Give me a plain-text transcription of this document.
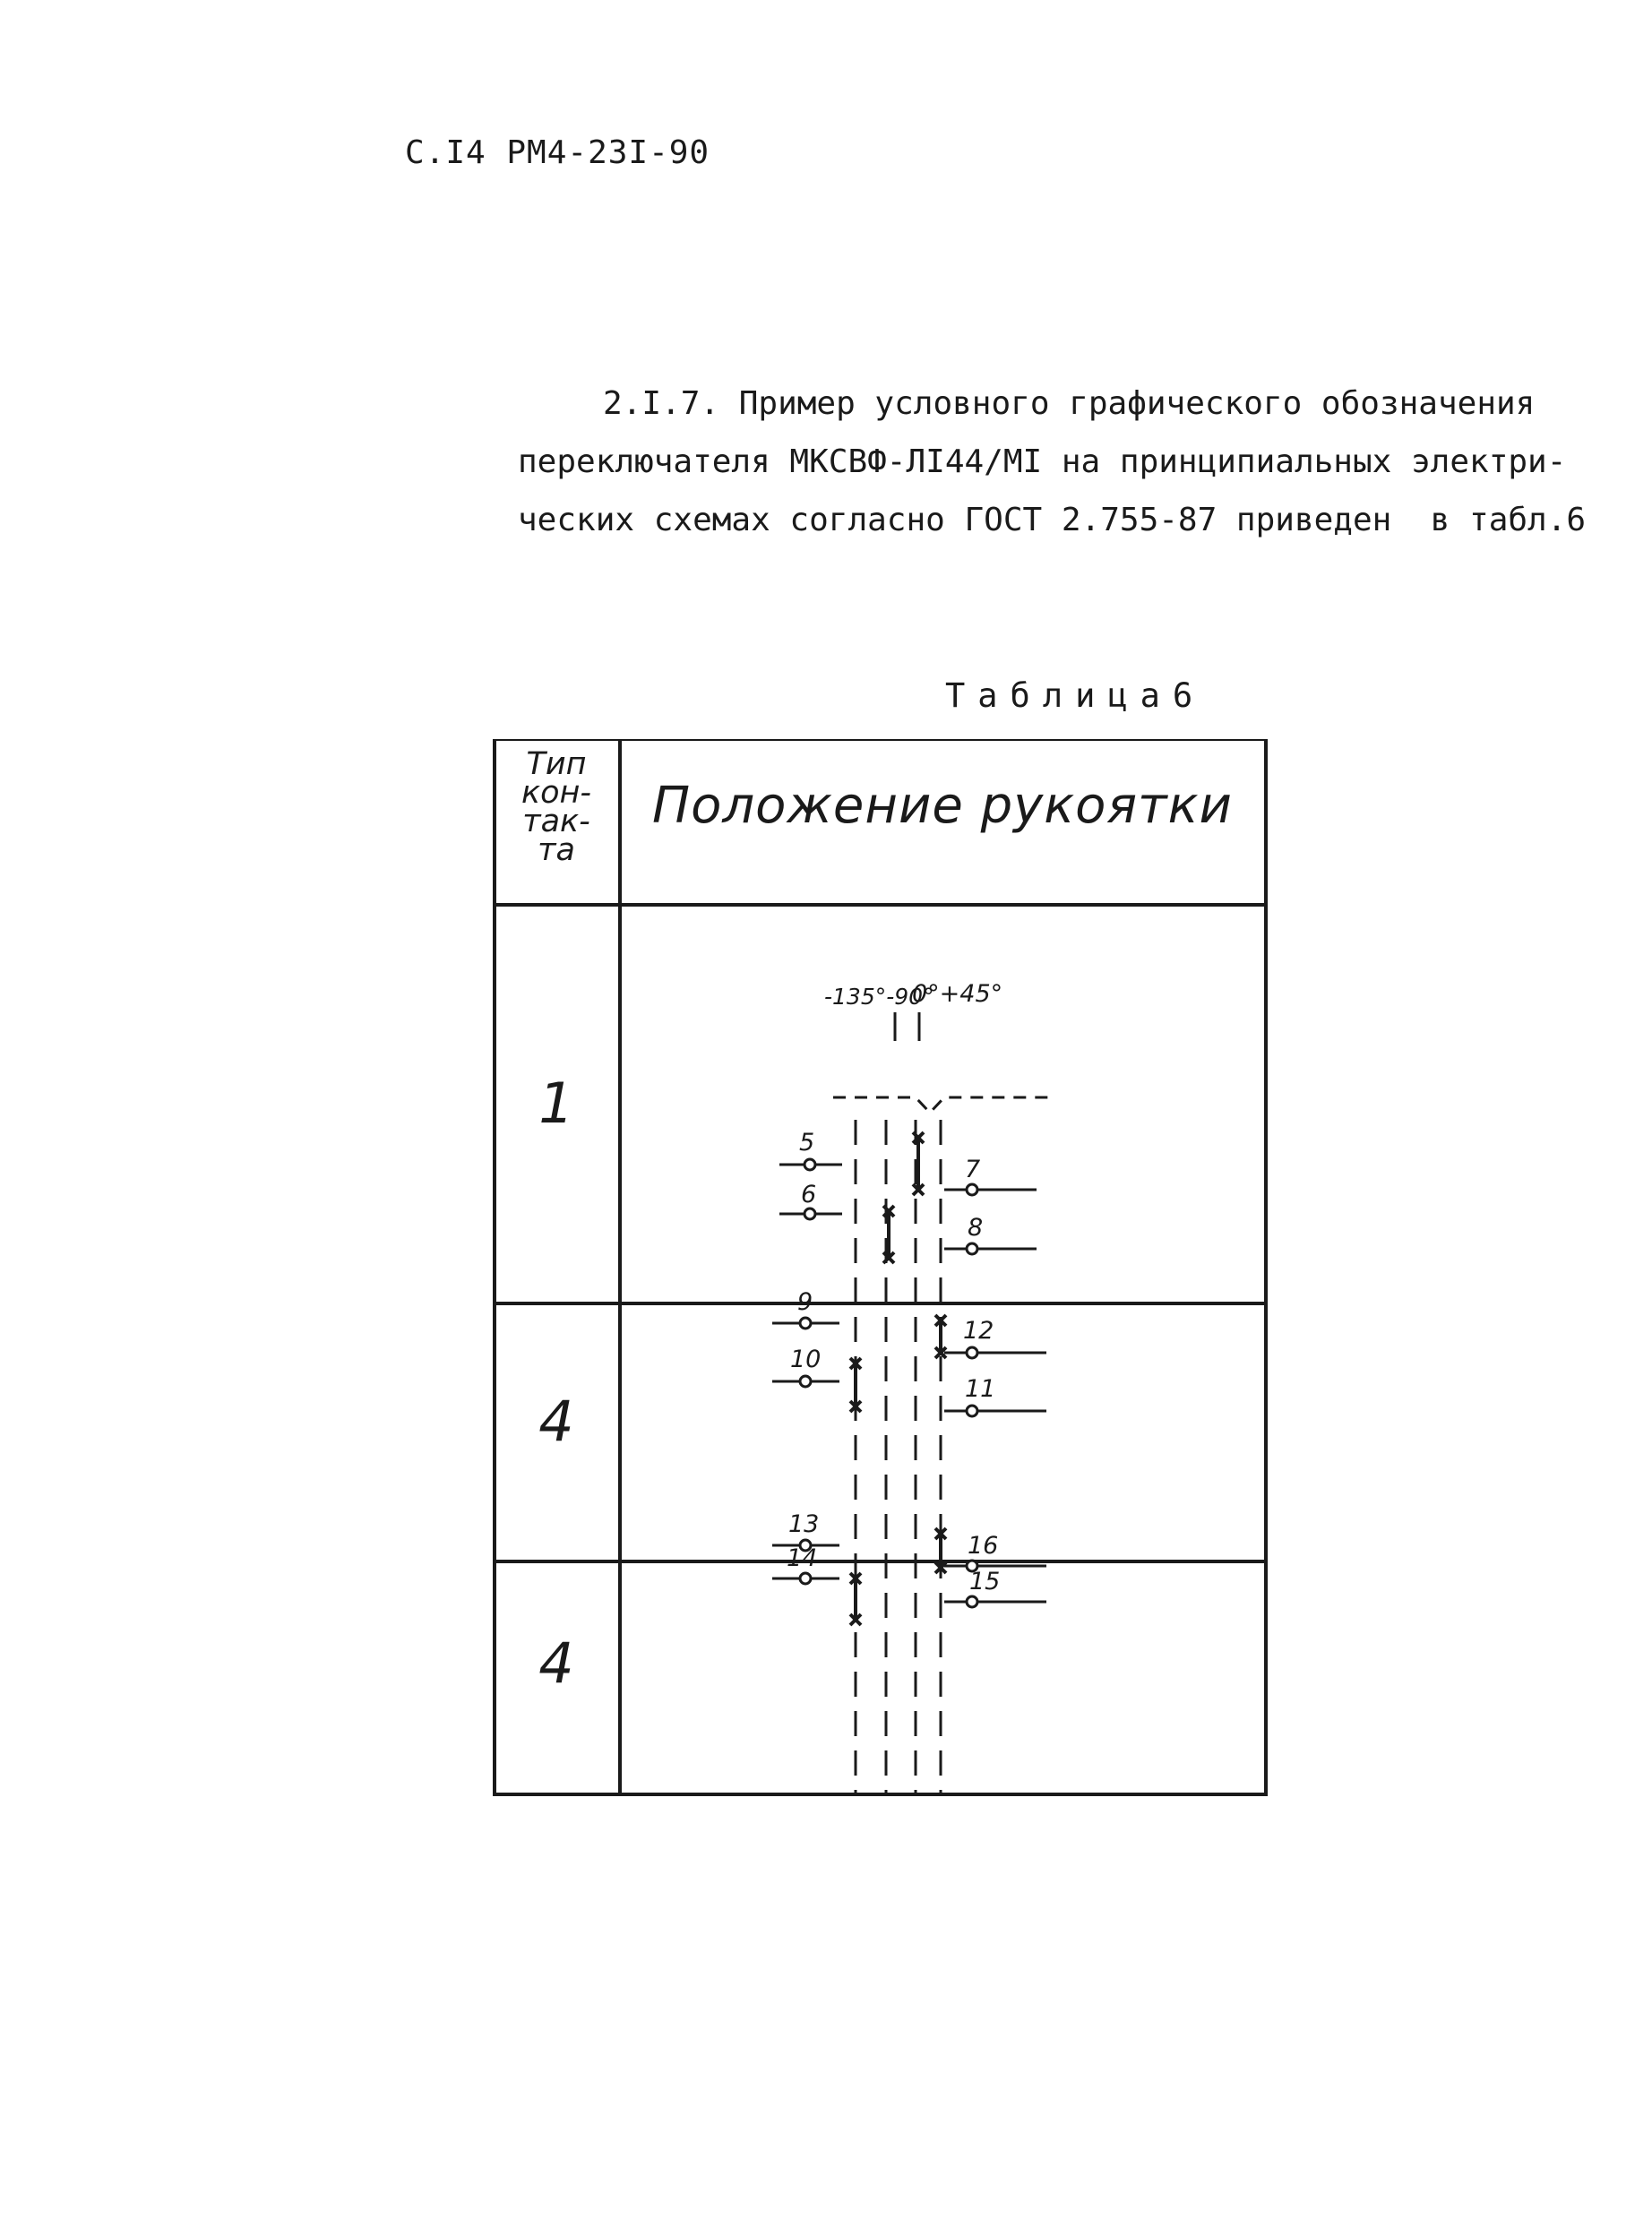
С.I4 РМ4-23I-90
2.I.7. Пример условного графического обозначения
переключателя МКСВФ-ЛI44/МI на принципиальных электри-
ческих схемах согласно ГОСТ 2.755-87 приведен  в табл.6
Таблица6
Тип
кон-
так-
та
Положение рукоятки
1
4
4
-135°-90°
0°+45°
5
6
7
8
9
10
12
11
13
14	16
15
